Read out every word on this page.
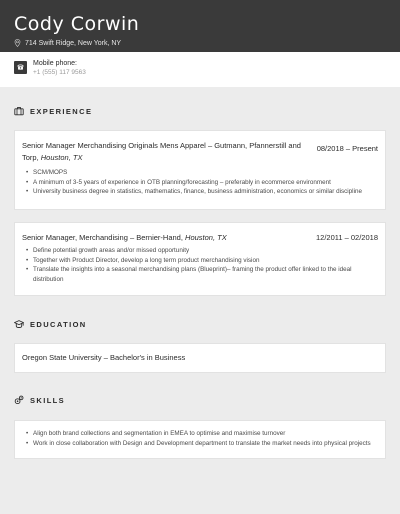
Cody Corwin
714 Swift Ridge, New York, NY
Mobile phone:
+1 (555) 117 9563
EXPERIENCE
Senior Manager Merchandising Originals Mens Apparel – Gutmann, Pfannerstill and Torp, Houston, TX
08/2018 – Present
• SCM/MOPS
• A minimum of 3-5 years of experience in OTB planning/forecasting – preferably in ecommerce environment
• University business degree in statistics, mathematics, finance, business administration, economics or similar discipline
Senior Manager, Merchandising – Bernier-Hand, Houston, TX	12/2011 – 02/2018
• Define potential growth areas and/or missed opportunity
• Together with Product Director, develop a long term product merchandising vision
• Translate the insights into a seasonal merchandising plans (Blueprint)– framing the product offer linked to the ideal distribution
EDUCATION
Oregon State University – Bachelor's in Business
SKILLS
• Align both brand collections and segmentation in EMEA to optimise and maximise turnover
• Work in close collaboration with Design and Development department to translate the market needs into physical projects
